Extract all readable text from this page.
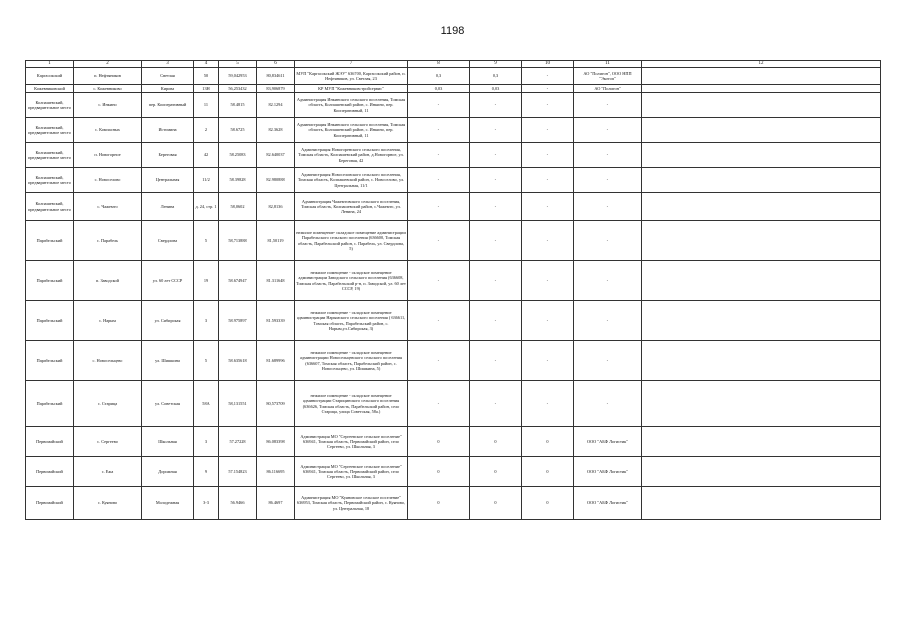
1198
1	2	3	4	5	6	7	8	9	10	11	12
Каргасокский	п. Нефтяников	Светлая	50	59,042953	80,834611	МУП "Каргасокский ЖЭУ" 636700, Каргасокский район, п. Нефтяников, ул. Светлая, 23	0,3	0,3	-	АО "Полигон", ООО НПП "Экотоп"	
Кожевниковский	с. Кожевниково	Кирова	13Н	56,253432	83,906879	КР МУП "Кожевниковстройсервис"	0,03	0,03	-	АО "Полигон"	
Колпашевский, предварительное место	с. Инкино	пер. Кооперативный	11	58.4815	82.1294	Администрация Инкинского сельского поселения, Томская область, Колпашевский район, с. Инкино, пер. Кооперативный, 11	-	-	-	-	
Колпашевский, предварительное место	с. Компасных	Истомина	2	58.6725	82.3628	Администрация Инкинского сельского поселения, Томская область, Колпашевский район, с. Инкино, пер. Кооперативный, 11	-	-	-	-	
Колпашевский, предварительное место	п. Новогорное	Береговая	42	58.25083	82.640037	Администрация Новогоренского сельского поселения, Томская область, Колпашевский район, д.Новогорное, ул. Береговая, 42	-	-	-	-	
Колпашевский, предварительное место	с. Новоселово	Центральная	11/2	58.39828	82.980888	Администрация Новоселовского сельского поселения, Томская область, Колпашевский район, с. Новоселово, ул. Центральная, 11/1	-	-	-	-	
Колпашевский, предварительное место	с. Чажемто	Ленина	д. 24, стр. 1	58,0602	82,8136	Администрация Чажемтовского сельского поселения, Томская область, Колпашевский район, с.Чажемто, ул. Ленина, 24	-	-	-	-	
Парабельский	с. Парабель	Свердлова	5	58,713888	81,50119	нежилое помещение- складское помещение администрации Парабельского сельского поселения (636600, Томская область, Парабельский район, с. Парабель, ул. Свердлова, 5)	-	-	-	-	
Парабельский	п. Заводской	ул. 60 лет СССР	19	58.674947	81.311648	нежилое помещение - складское помещение администрации Заводского сельского поселения (636608, Томская область, Парабельский р-н, п. Заводской, ул. 60 лет СССР, 19)	-	-	-	-	
Парабельский	с. Нарым	ул. Сибирская	3	58.975897	81.593339	нежилое помещение - складское помещение администрации Нарымского сельского поселения ( 636611, Томская область, Парабельский район, с. Нарым,ул.Сибирская, 3)	-	-	-	-	
Парабельский	с. Новосельцево	ул. Шишкина	5	58.635618	81.689996	нежилое помещение - складское помещение администрации Новосельцевского сельского поселения (636607, Томская область, Парабельский район, с. Новосельцево, ул. Шишкина, 5)	-	-	-	-	
Парабельский	с. Старица	ул. Советская	58А	58,131551	80,573709	нежилое помещение - складское помещение администрации Старицинского сельского поселения (636626, Томская область, Парабельский район, село Старица, улица Советская, 58а.)	-	-	-	-	
Первомайский	с. Сергеево	Школьная	3	57.27228	86.083398	Администрация МО "Сергеевское сельское поселение" 636941, Томская область, Первомайский район, село Сергеево, ул. Школьная, 3	0	0	0	ООО "АБФ Логистик"	
Первомайский	с. Ежа	Дорожная	9	57.154823	86.116695	Администрация МО "Сергеевское сельское поселение" 636941, Томская область, Первомайский район, село Сергеево, ул. Школьная, 3	0	0	0	ООО "АБФ Логистик"	
Первомайский	с. Куяново	Молодежная	3-3	56.9466	86.4697	Администрация МО "Куяновское сельское поселение" 636953, Томская область, Первомайский район, с. Куяново, ул. Центральная, 18	0	0	0	ООО "АБФ Логистик"	
